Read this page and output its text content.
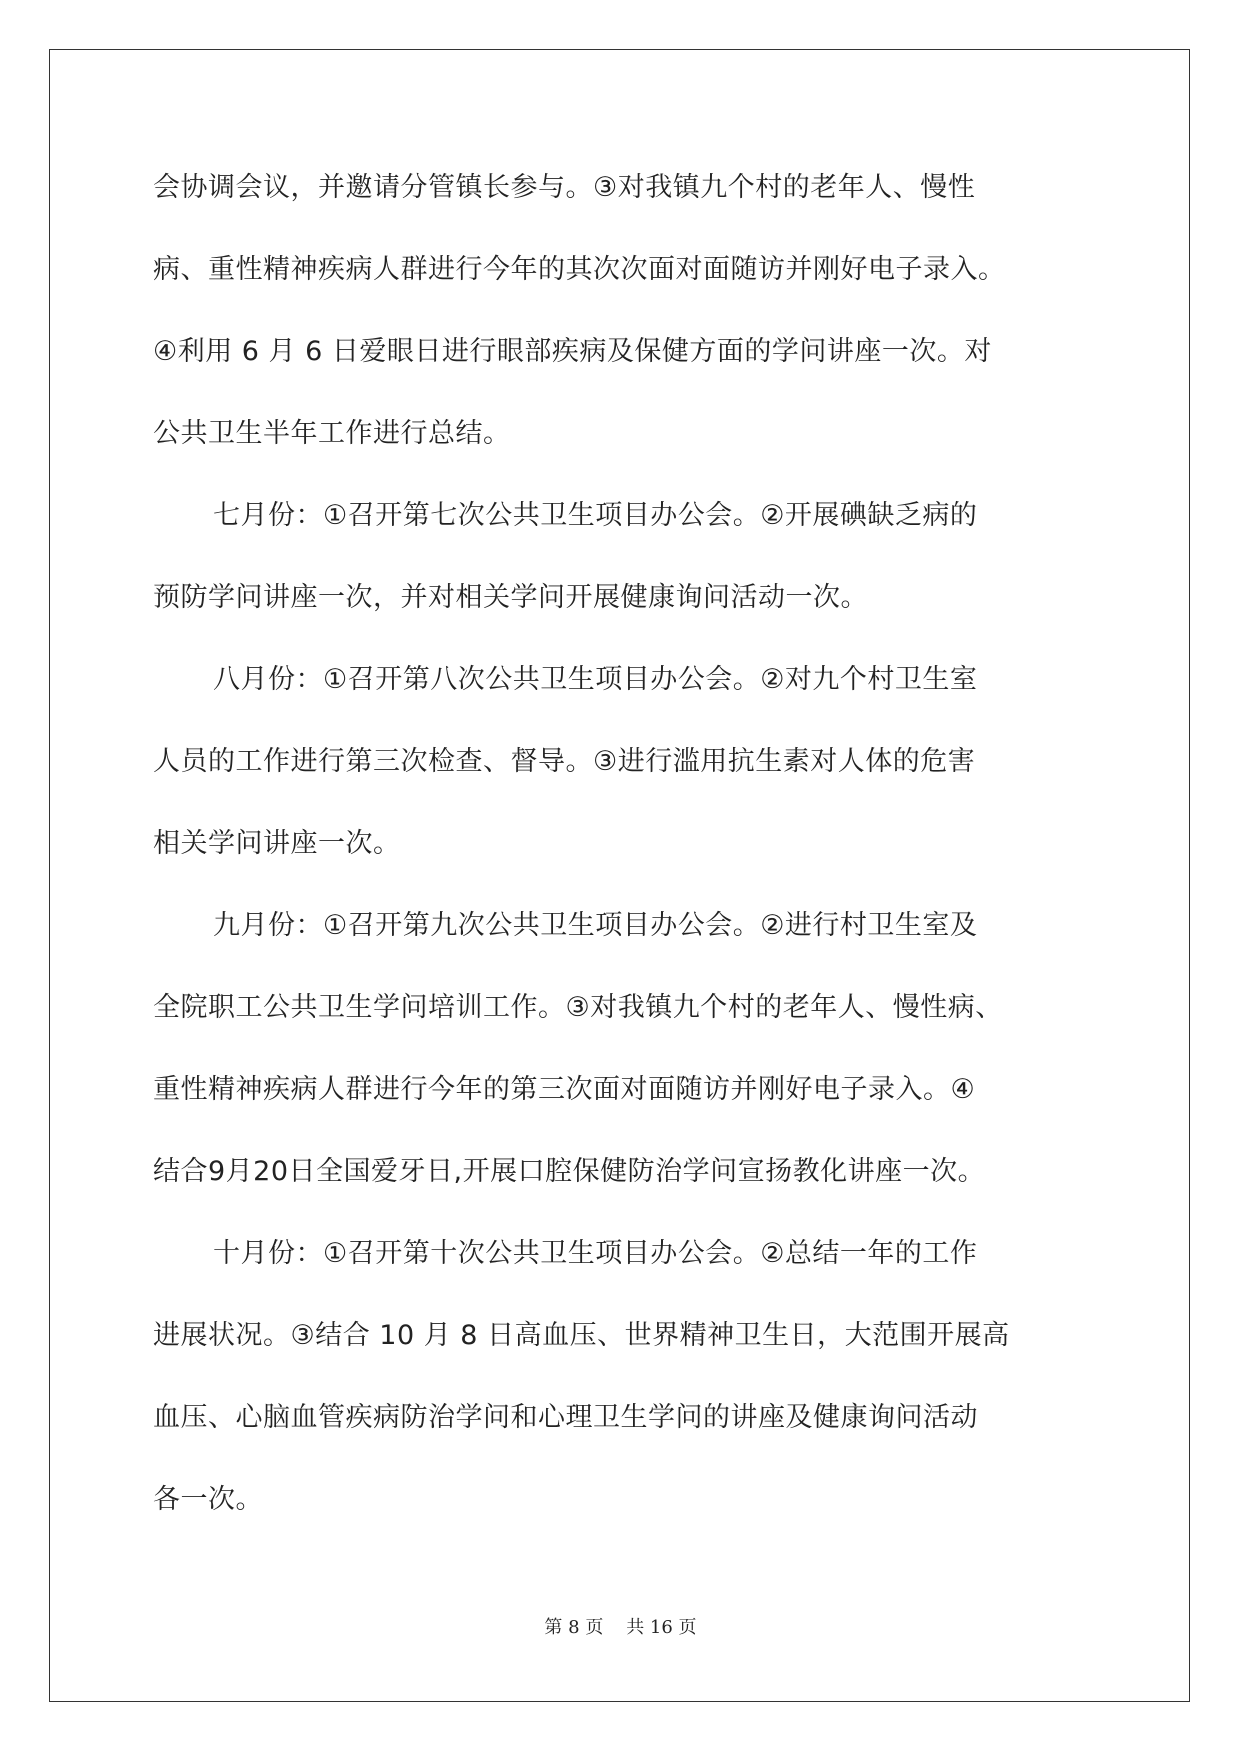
会协调会议，并邀请分管镇长参与。③对我镇九个村的老年人、慢性
病、重性精神疾病人群进行今年的其次次面对面随访并刚好电子录入。
④利用 6 月 6 日爱眼日进行眼部疾病及保健方面的学问讲座一次。对
公共卫生半年工作进行总结。
七月份：①召开第七次公共卫生项目办公会。②开展碘缺乏病的
预防学问讲座一次，并对相关学问开展健康询问活动一次。
八月份：①召开第八次公共卫生项目办公会。②对九个村卫生室
人员的工作进行第三次检查、督导。③进行滥用抗生素对人体的危害
相关学问讲座一次。
九月份：①召开第九次公共卫生项目办公会。②进行村卫生室及
全院职工公共卫生学问培训工作。③对我镇九个村的老年人、慢性病、
重性精神疾病人群进行今年的第三次面对面随访并刚好电子录入。④
结合9月20日全国爱牙日,开展口腔保健防治学问宣扬教化讲座一次。
十月份：①召开第十次公共卫生项目办公会。②总结一年的工作
进展状况。③结合 10 月 8 日高血压、世界精神卫生日，大范围开展高
血压、心脑血管疾病防治学问和心理卫生学问的讲座及健康询问活动
各一次。
第 8 页    共 16 页
